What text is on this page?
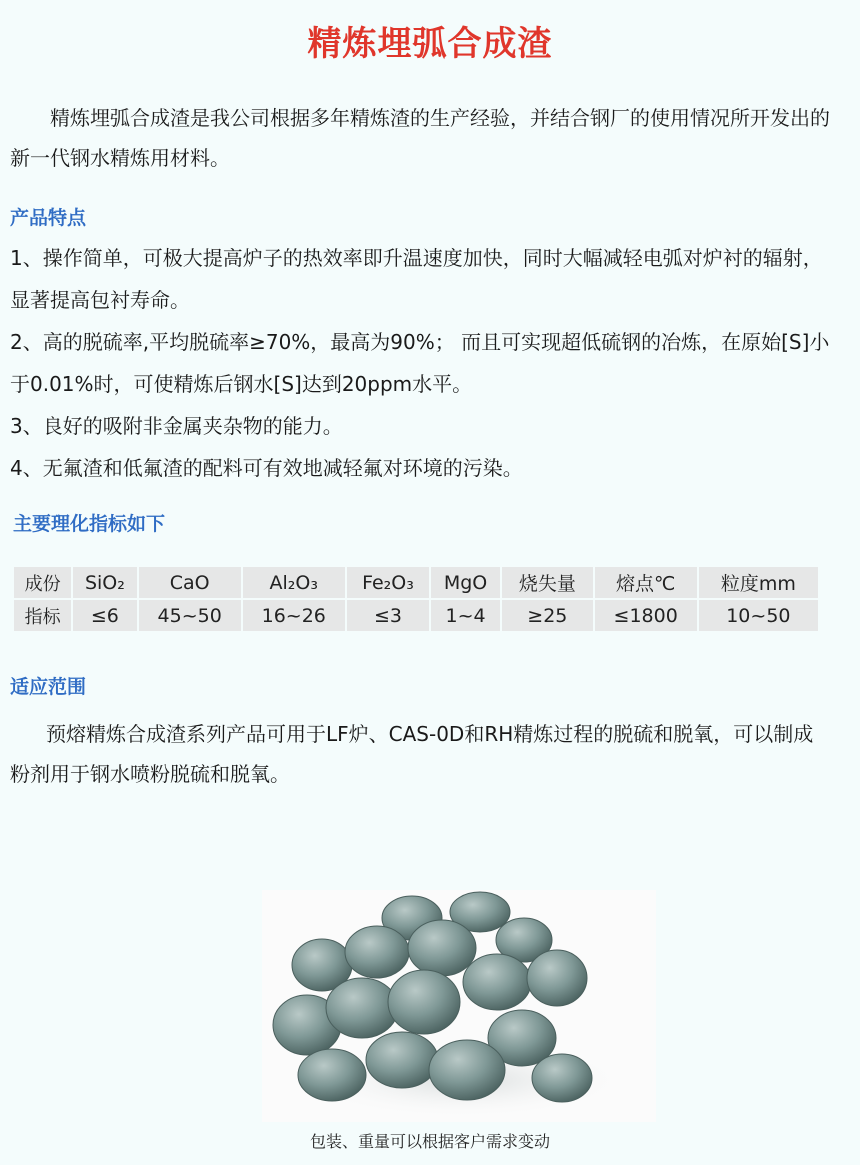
精炼埋弧合成渣
精炼埋弧合成渣是我公司根据多年精炼渣的生产经验，并结合钢厂的使用情况所开发出的新一代钢水精炼用材料。
产品特点
1、操作简单，可极大提高炉子的热效率即升温速度加快，同时大幅减轻电弧对炉衬的辐射，显著提高包衬寿命。
2、高的脱硫率,平均脱硫率≥70%，最高为90%； 而且可实现超低硫钢的冶炼，在原始[S]小于0.01%时，可使精炼后钢水[S]达到20ppm水平。
3、良好的吸附非金属夹杂物的能力。
4、无氟渣和低氟渣的配料可有效地减轻氟对环境的污染。
主要理化指标如下
成份	SiO₂	CaO	Al₂O₃	Fe₂O₃	MgO	烧失量	熔点℃	粒度mm
指标	≤6	45~50	16~26	≤3	1~4	≥25	≤1800	10~50
适应范围
预熔精炼合成渣系列产品可用于LF炉、CAS-0D和RH精炼过程的脱硫和脱氧，可以制成粉剂用于钢水喷粉脱硫和脱氧。
包装、重量可以根据客户需求变动
